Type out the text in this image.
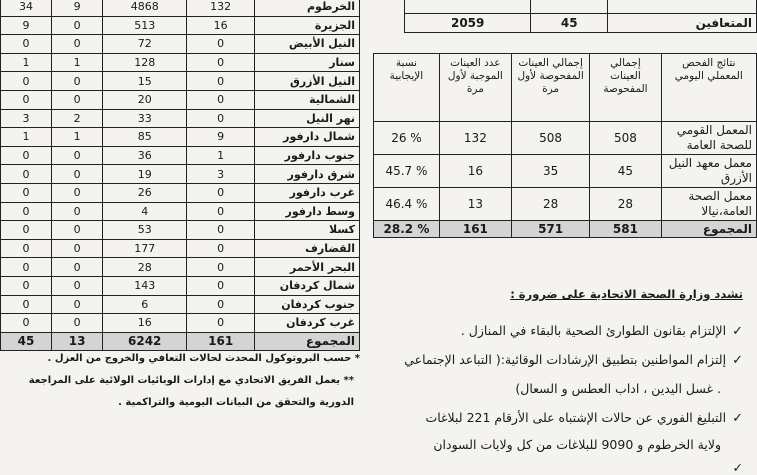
34	9	4868	132	الخرطوم
9	0	513	16	الجزيرة
0	0	72	0	النيل الأبيض
1	1	128	0	سنار
0	0	15	0	النيل الأزرق
0	0	20	0	الشمالية
3	2	33	0	نهر النيل
1	1	85	9	شمال دارفور
0	0	36	1	جنوب دارفور
0	0	19	3	شرق دارفور
0	0	26	0	غرب دارفور
0	0	4	0	وسط دارفور
0	0	53	0	كسلا
0	0	177	0	القضارف
0	0	28	0	البحر الأحمر
0	0	143	0	شمال كردفان
0	0	6	0	جنوب كردفان
0	0	16	0	غرب كردفان
45	13	6242	161	المجموع

2059	45	المتعافين
نسبة الإيجابية	عدد العينات الموجبة لأول مرة	إجمالي العينات المفحوصة لأول مرة	إجمالي العينات المفحوصة	نتائج الفحص المعملي اليومي
26 %	132	508	508	المعمل القومي للصحة العامة
45.7 %	16	35	45	معمل معهد النيل الأزرق
46.4 %	13	28	28	معمل الصحة العامة،نيالا
28.2 %	161	571	581	المجموع
* حسب البروتوكول المحدث لحالات التعافي والخروج من العزل .
** يعمل الفريق الاتحادي مع إدارات الوبائيات الولائية على المراجعة
الدورية والتحقق من البيانات اليومية والتراكمية .
تشدد وزارة الصحة الاتحادية على ضرورة :
✓الإلتزام بقانون الطوارئ الصحية بالبقاء في المنازل .
✓إلتزام المواطنين بتطبيق الإرشادات الوقائية:( التباعد الإجتماعي
. غسل اليدين ، اداب العطس و السعال)
✓التبليغ الفوري عن حالات الإشتباه على الأرقام 221 لبلاغات
ولاية الخرطوم و 9090 للبلاغات من كل ولايات السودان
✓
